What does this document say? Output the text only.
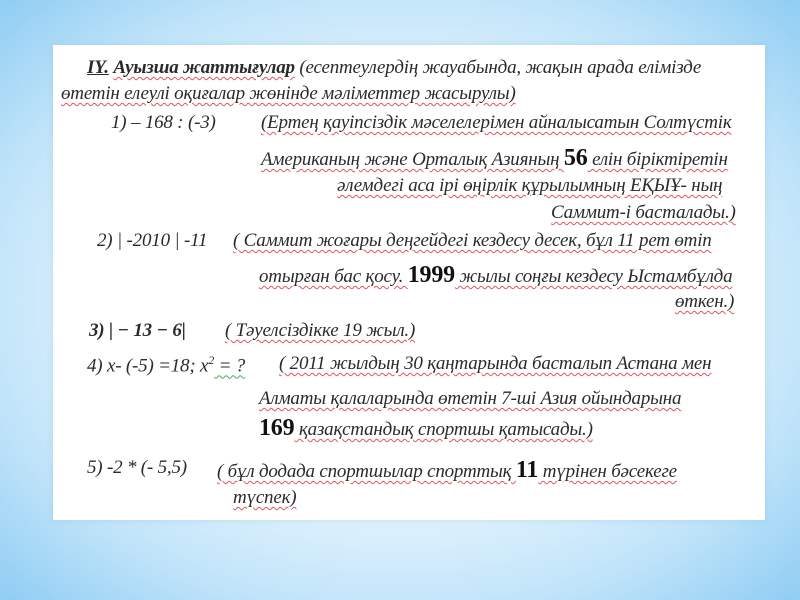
IY. Ауызша жаттығулар (есептеулердің жауабында, жақын арада елімізде
өтетін елеулі оқиғалар жөнінде мәліметтер жасырулы)
1) – 168 : (-3) (Ертең қауіпсіздік мәселелерімен айналысатын Солтүстік
Американың және Орталық Азияның 56 елін біріктіретін
әлемдегі аса ірі өңірлік құрылымның ЕҚЫҰ- ның
Саммит-і басталады.)
2) | -2010 | -11 ( Саммит жоғары деңгейдегі кездесу десек, бұл 11 рет өтіп
отырған бас қосу. 1999 жылы соңғы кездесу Ыстамбұлда
өткен.)
3) | − 13 − 6| ( Тәуелсіздікке 19 жыл.)
4) х- (-5) =18; $x^2$ = ? ( 2011 жылдың 30 қаңтарында басталып Астана мен
Алматы қалаларында өтетін 7-ші Азия ойындарына
169 қазақстандық спортшы қатысады.)
5) -2 * (- 5,5) ( бұл додада спортшылар спорттық 11 түрінен бәсекеге
түспек)
